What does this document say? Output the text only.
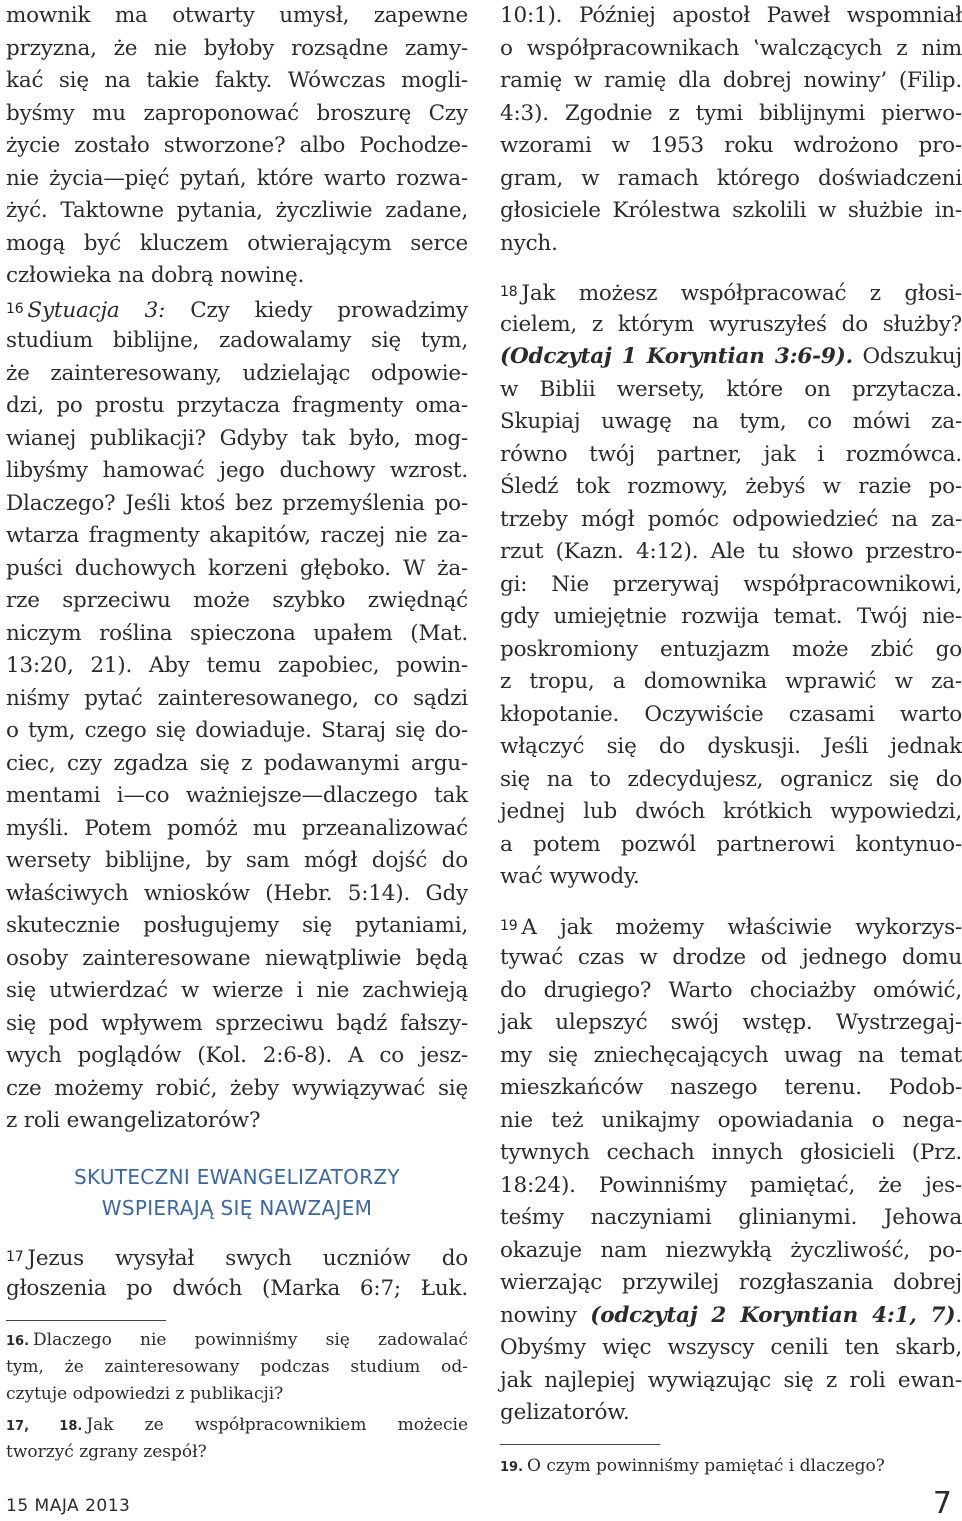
mownik ma otwarty umysł, zapewne
przyzna, że nie byłoby rozsądne zamy-
kać się na takie fakty. Wówczas mogli-
byśmy mu zaproponować broszurę Czy
życie zostało stworzone? albo Pochodze-
nie życia—pięć pytań, które warto rozwa-
żyć. Taktowne pytania, życzliwie zadane,
mogą być kluczem otwierającym serce
człowieka na dobrą nowinę.
16 Sytuacja 3: Czy kiedy prowadzimy
studium biblijne, zadowalamy się tym,
że zainteresowany, udzielając odpowie-
dzi, po prostu przytacza fragmenty oma-
wianej publikacji? Gdyby tak było, mog-
libyśmy hamować jego duchowy wzrost.
Dlaczego? Jeśli ktoś bez przemyślenia po-
wtarza fragmenty akapitów, raczej nie za-
puści duchowych korzeni głęboko. W ża-
rze sprzeciwu może szybko zwiędnąć
niczym roślina spieczona upałem (Mat.
13:20, 21). Aby temu zapobiec, powin-
niśmy pytać zainteresowanego, co sądzi
o tym, czego się dowiaduje. Staraj się do-
ciec, czy zgadza się z podawanymi argu-
mentami i—co ważniejsze—dlaczego tak
myśli. Potem pomóż mu przeanalizować
wersety biblijne, by sam mógł dojść do
właściwych wniosków (Hebr. 5:14). Gdy
skutecznie posługujemy się pytaniami,
osoby zainteresowane niewątpliwie będą
się utwierdzać w wierze i nie zachwieją
się pod wpływem sprzeciwu bądź fałszy-
wych poglądów (Kol. 2:6-8). A co jesz-
cze możemy robić, żeby wywiązywać się
z roli ewangelizatorów?
SKUTECZNI EWANGELIZATORZY
WSPIERAJĄ SIĘ NAWZAJEM
17 Jezus wysyłał swych uczniów do
głoszenia po dwóch (Marka 6:7; Łuk.
16. Dlaczego nie powinniśmy się zadowalać
tym, że zainteresowany podczas studium od-
czytuje odpowiedzi z publikacji?
17, 18. Jak ze współpracownikiem możecie
tworzyć zgrany zespół?
10:1). Później apostoł Paweł wspomniał
o współpracownikach ‛walczących z nim
ramię w ramię dla dobrej nowiny’ (Filip.
4:3). Zgodnie z tymi biblijnymi pierwo-
wzorami w 1953 roku wdrożono pro-
gram, w ramach którego doświadczeni
głosiciele Królestwa szkolili w służbie in-
nych.
18 Jak możesz współpracować z głosi-
cielem, z którym wyruszyłeś do służby?
(Odczytaj 1 Koryntian 3:6-9). Odszukuj
w Biblii wersety, które on przytacza.
Skupiaj uwagę na tym, co mówi za-
równo twój partner, jak i rozmówca.
Śledź tok rozmowy, żebyś w razie po-
trzeby mógł pomóc odpowiedzieć na za-
rzut (Kazn. 4:12). Ale tu słowo przestro-
gi: Nie przerywaj współpracownikowi,
gdy umiejętnie rozwija temat. Twój nie-
poskromiony entuzjazm może zbić go
z tropu, a domownika wprawić w za-
kłopotanie. Oczywiście czasami warto
włączyć się do dyskusji. Jeśli jednak
się na to zdecydujesz, ogranicz się do
jednej lub dwóch krótkich wypowiedzi,
a potem pozwól partnerowi kontynuo-
wać wywody.
19 A jak możemy właściwie wykorzys-
tywać czas w drodze od jednego domu
do drugiego? Warto chociażby omówić,
jak ulepszyć swój wstęp. Wystrzegaj-
my się zniechęcających uwag na temat
mieszkańców naszego terenu. Podob-
nie też unikajmy opowiadania o nega-
tywnych cechach innych głosicieli (Prz.
18:24). Powinniśmy pamiętać, że jes-
teśmy naczyniami glinianymi. Jehowa
okazuje nam niezwykłą życzliwość, po-
wierzając przywilej rozgłaszania dobrej
nowiny (odczytaj 2 Koryntian 4:1, 7).
Obyśmy więc wszyscy cenili ten skarb,
jak najlepiej wywiązując się z roli ewan-
gelizatorów.
19. O czym powinniśmy pamiętać i dlaczego?
15 MAJA 2013	7
